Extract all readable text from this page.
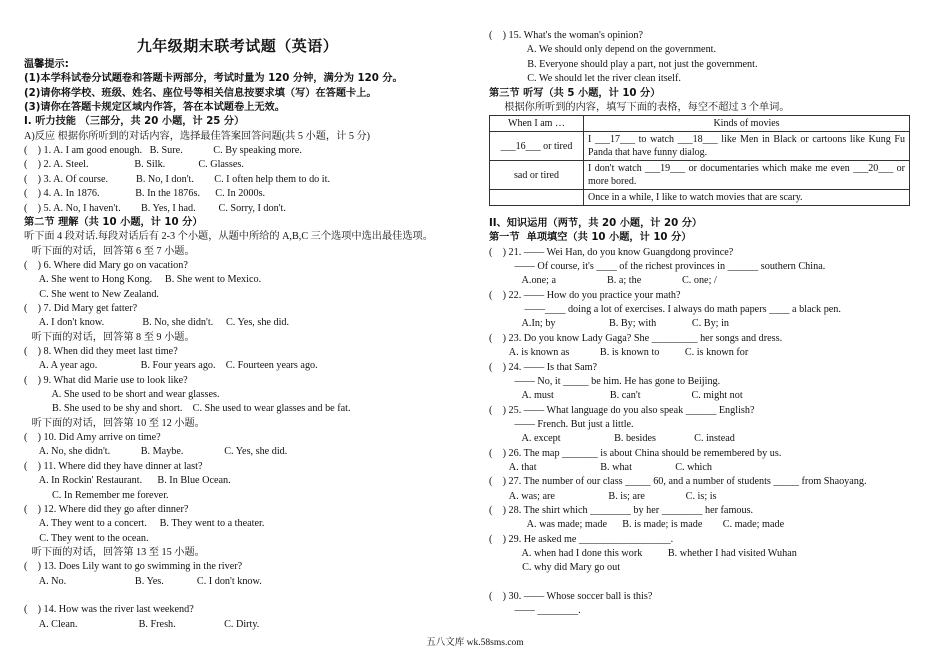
九年级期末联考试题（英语）
温馨提示:
(1)本学科试卷分试题卷和答题卡两部分，考试时量为 120 分钟，满分为 120 分。
(2)请你将学校、班级、姓名、座位号等相关信息按要求填（写）在答题卡上。
(3)请你在答题卡规定区域内作答，答在本试题卷上无效。
I. 听力技能 （三部分，共 20 小题，计 25 分）
A)反应 根据你所听到的对话内容，选择最佳答案回答问题(共 5 小题，计 5 分)
(    ) 1. A. I am good enough.   B. Sure.            C. By speaking more.
(    ) 2. A. Steel.                  B. Silk.             C. Glasses.
(    ) 3. A. Of course.           B. No, I don't.        C. I often help them to do it.
(    ) 4. A. In 1876.              B. In the 1876s.      C. In 2000s.
(    ) 5. A. No, I haven't.        B. Yes, I had.         C. Sorry, I don't.
第二节 理解（共 10 小题，计 10 分）
听下面 4 段对话.每段对话后有 2-3 个小题，从题中所给的 A,B,C 三个选项中选出最佳选项。
听下面的对话，回答第 6 至 7 小题。
(    ) 6. Where did Mary go on vacation?
A. She went to Hong Kong.     B. She went to Mexico.
C. She went to New Zealand.
(    ) 7. Did Mary get fatter?
A. I don't know.               B. No, she didn't.     C. Yes, she did.
听下面的对话，回答第 8 至 9 小题。
(    ) 8. When did they meet last time?
A. A year ago.                 B. Four years ago.    C. Fourteen years ago.
(    ) 9. What did Marie use to look like?
A. She used to be short and wear glasses.
B. She used to be shy and short.    C. She used to wear glasses and be fat.
听下面的对话，回答第 10 至 12 小题。
(    ) 10. Did Amy arrive on time?
A. No, she didn't.            B. Maybe.                C. Yes, she did.
(    ) 11. Where did they have dinner at last?
A. In Rockin' Restaurant.      B. In Blue Ocean.
C. In Remember me forever.
(    ) 12. Where did they go after dinner?
A. They went to a concert.     B. They went to a theater.
C. They went to the ocean.
听下面的对话，回答第 13 至 15 小题。
(    ) 13. Does Lily want to go swimming in the river?
A. No.                           B. Yes.             C. I don't know.
(    ) 14. How was the river last weekend?
A. Clean.                        B. Fresh.                   C. Dirty.
(    ) 15. What's the woman's opinion?
A. We should only depend on the government.
B. Everyone should play a part, not just the government.
C. We should let the river clean itself.
第三节 听写（共 5 小题，计 10 分）
根据你所听到的内容，填写下面的表格，每空不超过 3 个单词。
When I am …	Kinds of movies
___16___ or tired	I ___17___ to watch ___18___ like Men in Black or cartoons like Kung Fu Panda that have funny dialog.
sad or tired	I don't watch ___19___ or documentaries which make me even ___20___ or more bored.
	Once in a while, I like to watch movies that are scary.
II、知识运用（两节，共 20 小题，计 20 分）
第一节  单项填空（共 10 小题，计 10 分）
(    ) 21. —— Wei Han, do you know Guangdong province?
—— Of course, it's ____ of the richest provinces in ______ southern China.
A.one; a                    B. a; the                C. one; /
(    ) 22. —— How do you practice your math?
——____ doing a lot of exercises. I always do math papers ____ a black pen.
A.In; by                     B. By; with              C. By; in
(    ) 23. Do you know Lady Gaga? She _________ her songs and dress.
A. is known as            B. is known to          C. is known for
(    ) 24. —— Is that Sam?
—— No, it _____ be him. He has gone to Beijing.
A. must                      B. can't                    C. might not
(    ) 25. —— What language do you also speak ______ English?
—— French. But just a little.
A. except                     B. besides               C. instead
(    ) 26. The map _______ is about China should be remembered by us.
A. that                         B. what                 C. which
(    ) 27. The number of our class _____ 60, and a number of students _____ from Shaoyang.
A. was; are                     B. is; are                C. is; is
(    ) 28. The shirt which ________ by her ________ her famous.
A. was made; made      B. is made; is made        C. made; made
(    ) 29. He asked me __________________.
A. when had I done this work          B. whether I had visited Wuhan
C. why did Mary go out
(    ) 30. —— Whose soccer ball is this?
—— ________.
五八文库 wk.58sms.com
